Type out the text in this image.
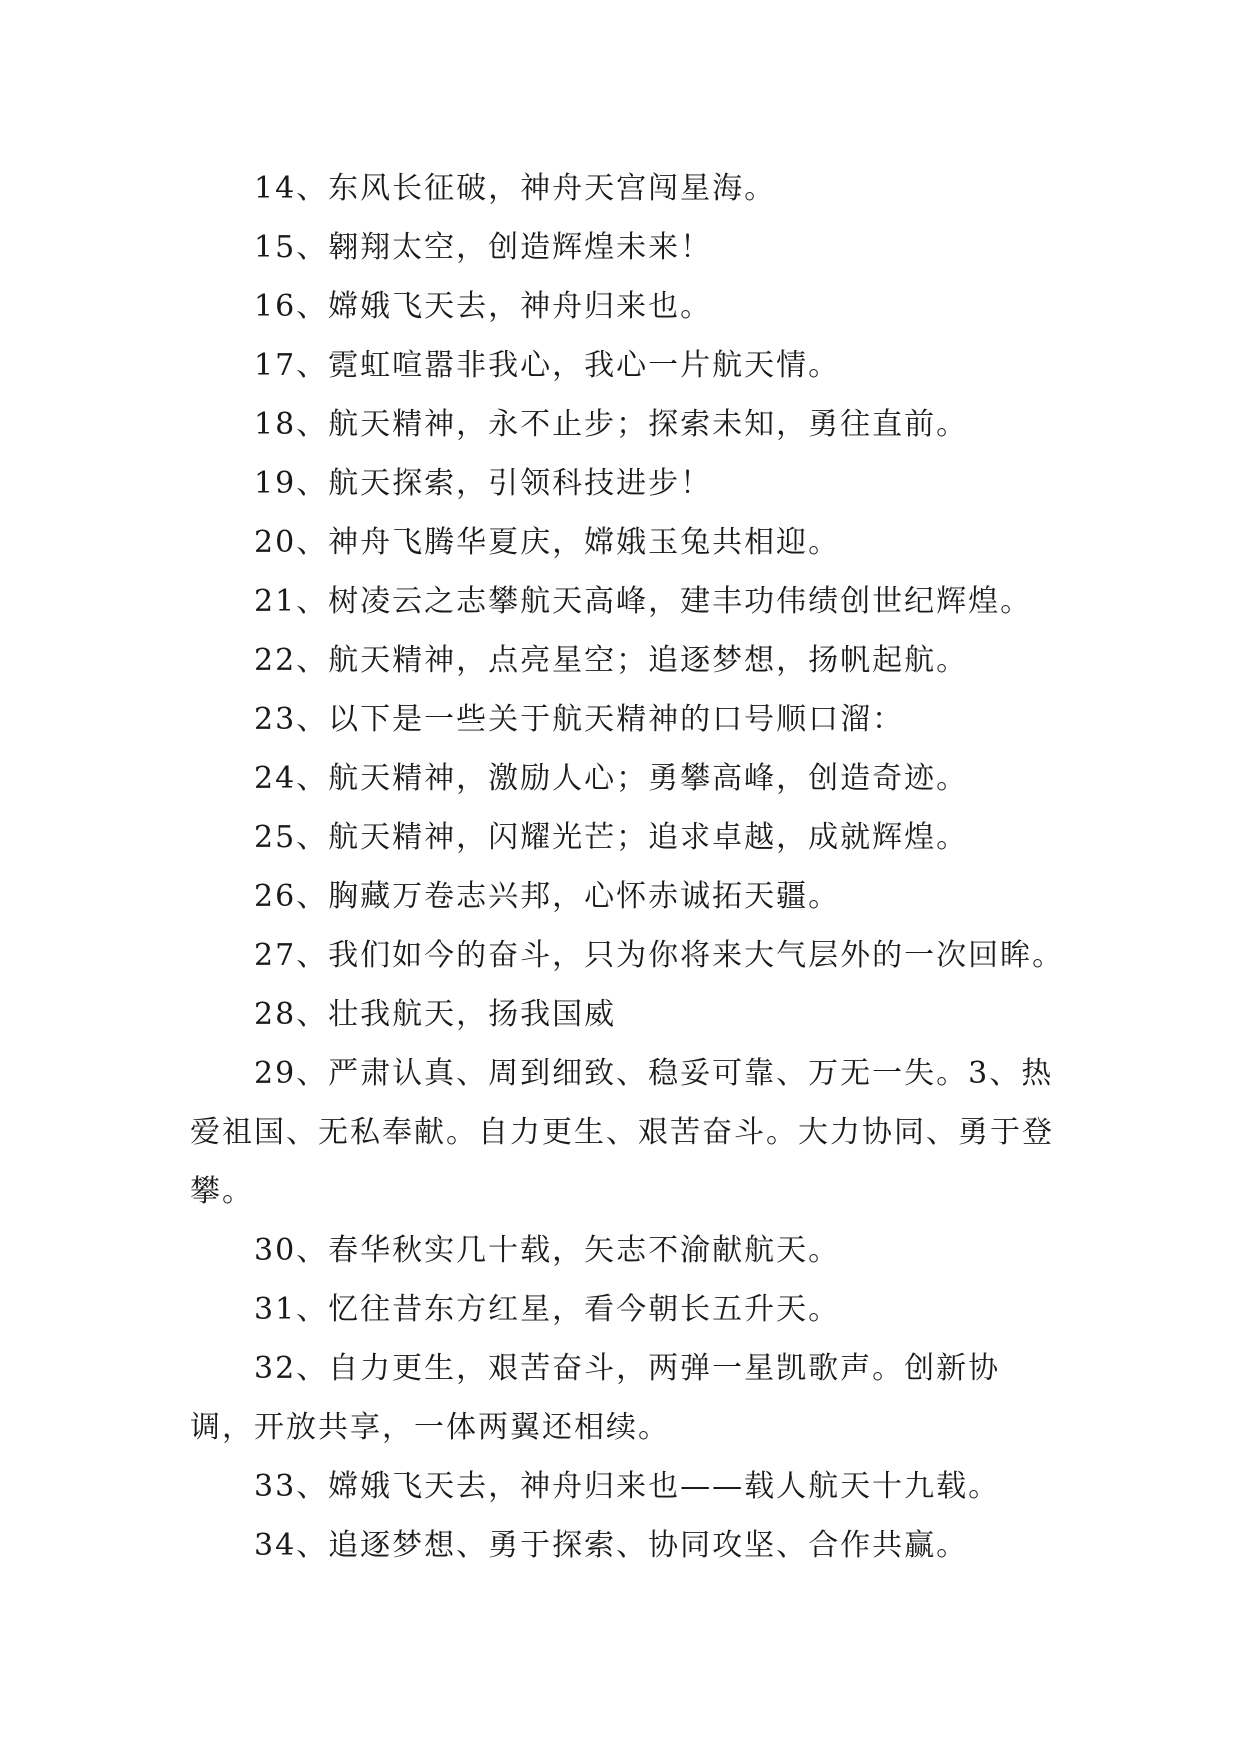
14、东风长征破，神舟天宫闯星海。

15、翱翔太空，创造辉煌未来！

16、嫦娥飞天去，神舟归来也。

17、霓虹喧嚣非我心，我心一片航天情。

18、航天精神，永不止步；探索未知，勇往直前。

19、航天探索，引领科技进步！

20、神舟飞腾华夏庆，嫦娥玉兔共相迎。

21、树凌云之志攀航天高峰，建丰功伟绩创世纪辉煌。

22、航天精神，点亮星空；追逐梦想，扬帆起航。

23、以下是一些关于航天精神的口号顺口溜：

24、航天精神，激励人心；勇攀高峰，创造奇迹。

25、航天精神，闪耀光芒；追求卓越，成就辉煌。

26、胸藏万卷志兴邦，心怀赤诚拓天疆。

27、我们如今的奋斗，只为你将来大气层外的一次回眸。

28、壮我航天，扬我国威

29、严肃认真、周到细致、稳妥可靠、万无一失。3、热爱祖国、无私奉献。自力更生、艰苦奋斗。大力协同、勇于登攀。

30、春华秋实几十载，矢志不渝献航天。

31、忆往昔东方红星，看今朝长五升天。

32、自力更生，艰苦奋斗，两弹一星凯歌声。创新协调，开放共享，一体两翼还相续。

33、嫦娥飞天去，神舟归来也——载人航天十九载。

34、追逐梦想、勇于探索、协同攻坚、合作共赢。
